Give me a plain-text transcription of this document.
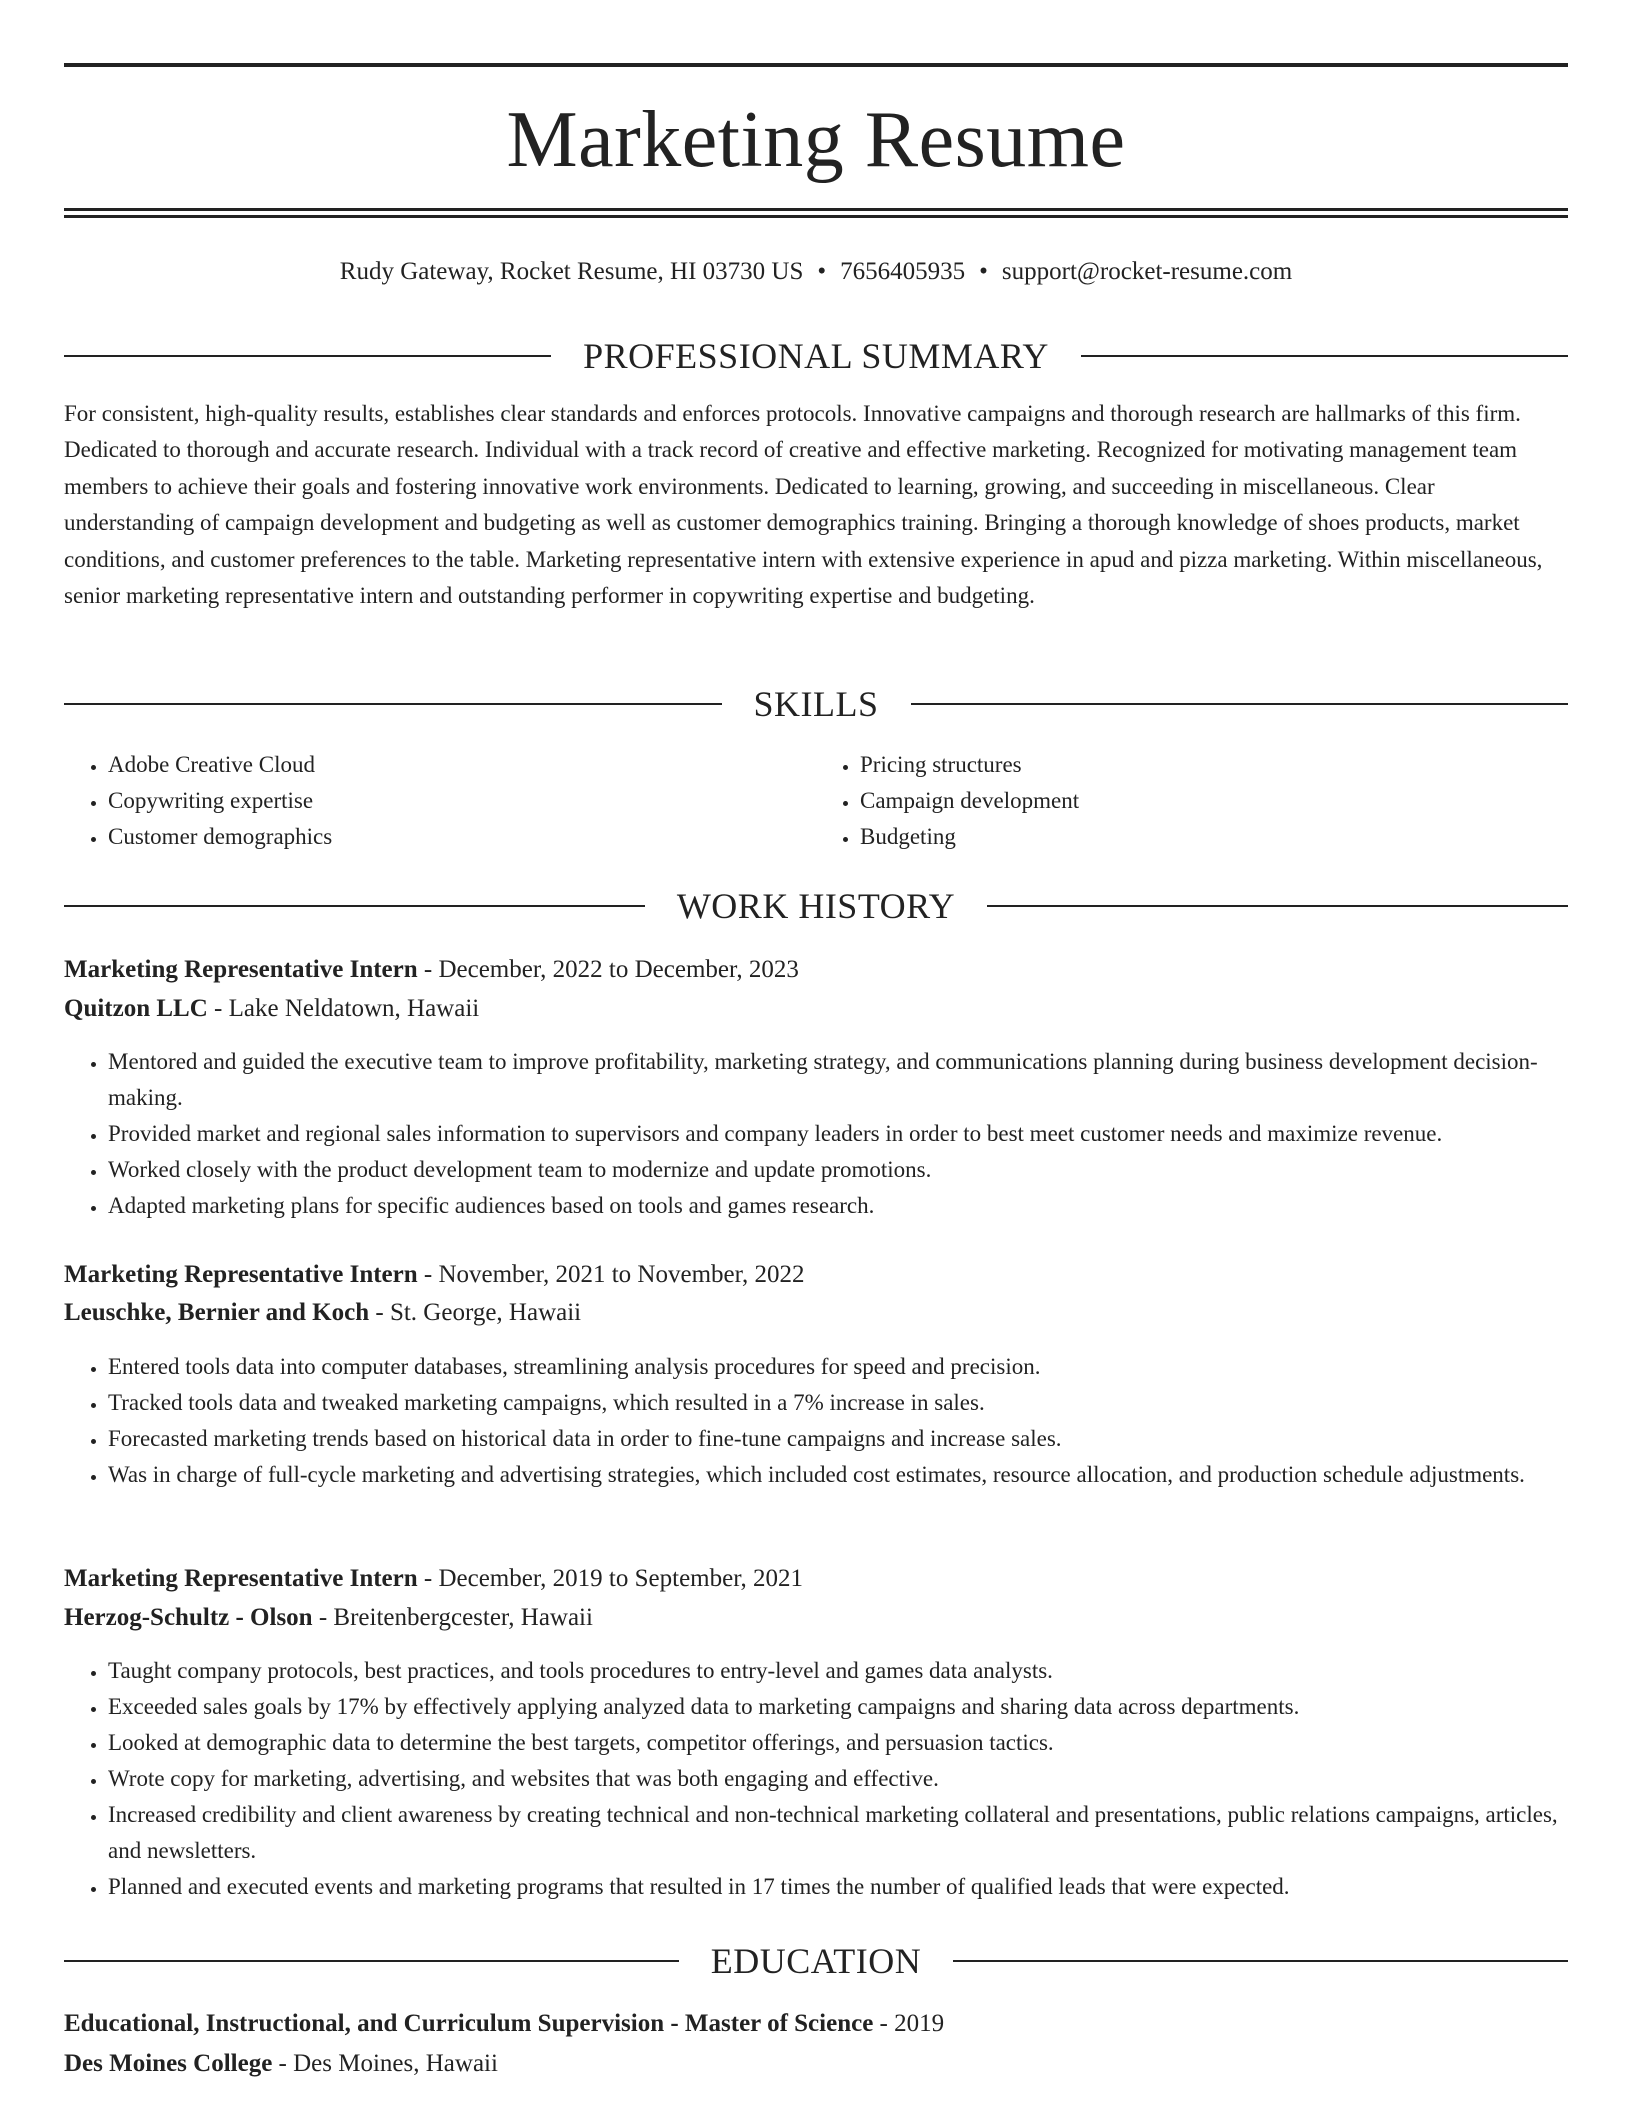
Marketing Resume
Rudy Gateway, Rocket Resume, HI 03730 US • 7656405935 • support@rocket-resume.com
PROFESSIONAL SUMMARY

For consistent, high-quality results, establishes clear standards and enforces protocols. Innovative campaigns and thorough research are hallmarks of this firm. Dedicated to thorough and accurate research. Individual with a track record of creative and effective marketing. Recognized for motivating management team members to achieve their goals and fostering innovative work environments. Dedicated to learning, growing, and succeeding in miscellaneous. Clear understanding of campaign development and budgeting as well as customer demographics training. Bringing a thorough knowledge of shoes products, market conditions, and customer preferences to the table. Marketing representative intern with extensive experience in apud and pizza marketing. Within miscellaneous, senior marketing representative intern and outstanding performer in copywriting expertise and budgeting.

SKILLS
• Adobe Creative Cloud
• Copywriting expertise
• Customer demographics
• Pricing structures
• Campaign development
• Budgeting
WORK HISTORY
Marketing Representative Intern - December, 2022 to December, 2023
Quitzon LLC - Lake Neldatown, Hawaii
• Mentored and guided the executive team to improve profitability, marketing strategy, and communications planning during business development decision-making.
• Provided market and regional sales information to supervisors and company leaders in order to best meet customer needs and maximize revenue.
• Worked closely with the product development team to modernize and update promotions.
• Adapted marketing plans for specific audiences based on tools and games research.
Marketing Representative Intern - November, 2021 to November, 2022
Leuschke, Bernier and Koch - St. George, Hawaii
• Entered tools data into computer databases, streamlining analysis procedures for speed and precision.
• Tracked tools data and tweaked marketing campaigns, which resulted in a 7% increase in sales.
• Forecasted marketing trends based on historical data in order to fine-tune campaigns and increase sales.
• Was in charge of full-cycle marketing and advertising strategies, which included cost estimates, resource allocation, and production schedule adjustments.
Marketing Representative Intern - December, 2019 to September, 2021
Herzog-Schultz - Olson - Breitenbergcester, Hawaii
• Taught company protocols, best practices, and tools procedures to entry-level and games data analysts.
• Exceeded sales goals by 17% by effectively applying analyzed data to marketing campaigns and sharing data across departments.
• Looked at demographic data to determine the best targets, competitor offerings, and persuasion tactics.
• Wrote copy for marketing, advertising, and websites that was both engaging and effective.
• Increased credibility and client awareness by creating technical and non-technical marketing collateral and presentations, public relations campaigns, articles, and newsletters.
• Planned and executed events and marketing programs that resulted in 17 times the number of qualified leads that were expected.
EDUCATION
Educational, Instructional, and Curriculum Supervision - Master of Science - 2019
Des Moines College - Des Moines, Hawaii
